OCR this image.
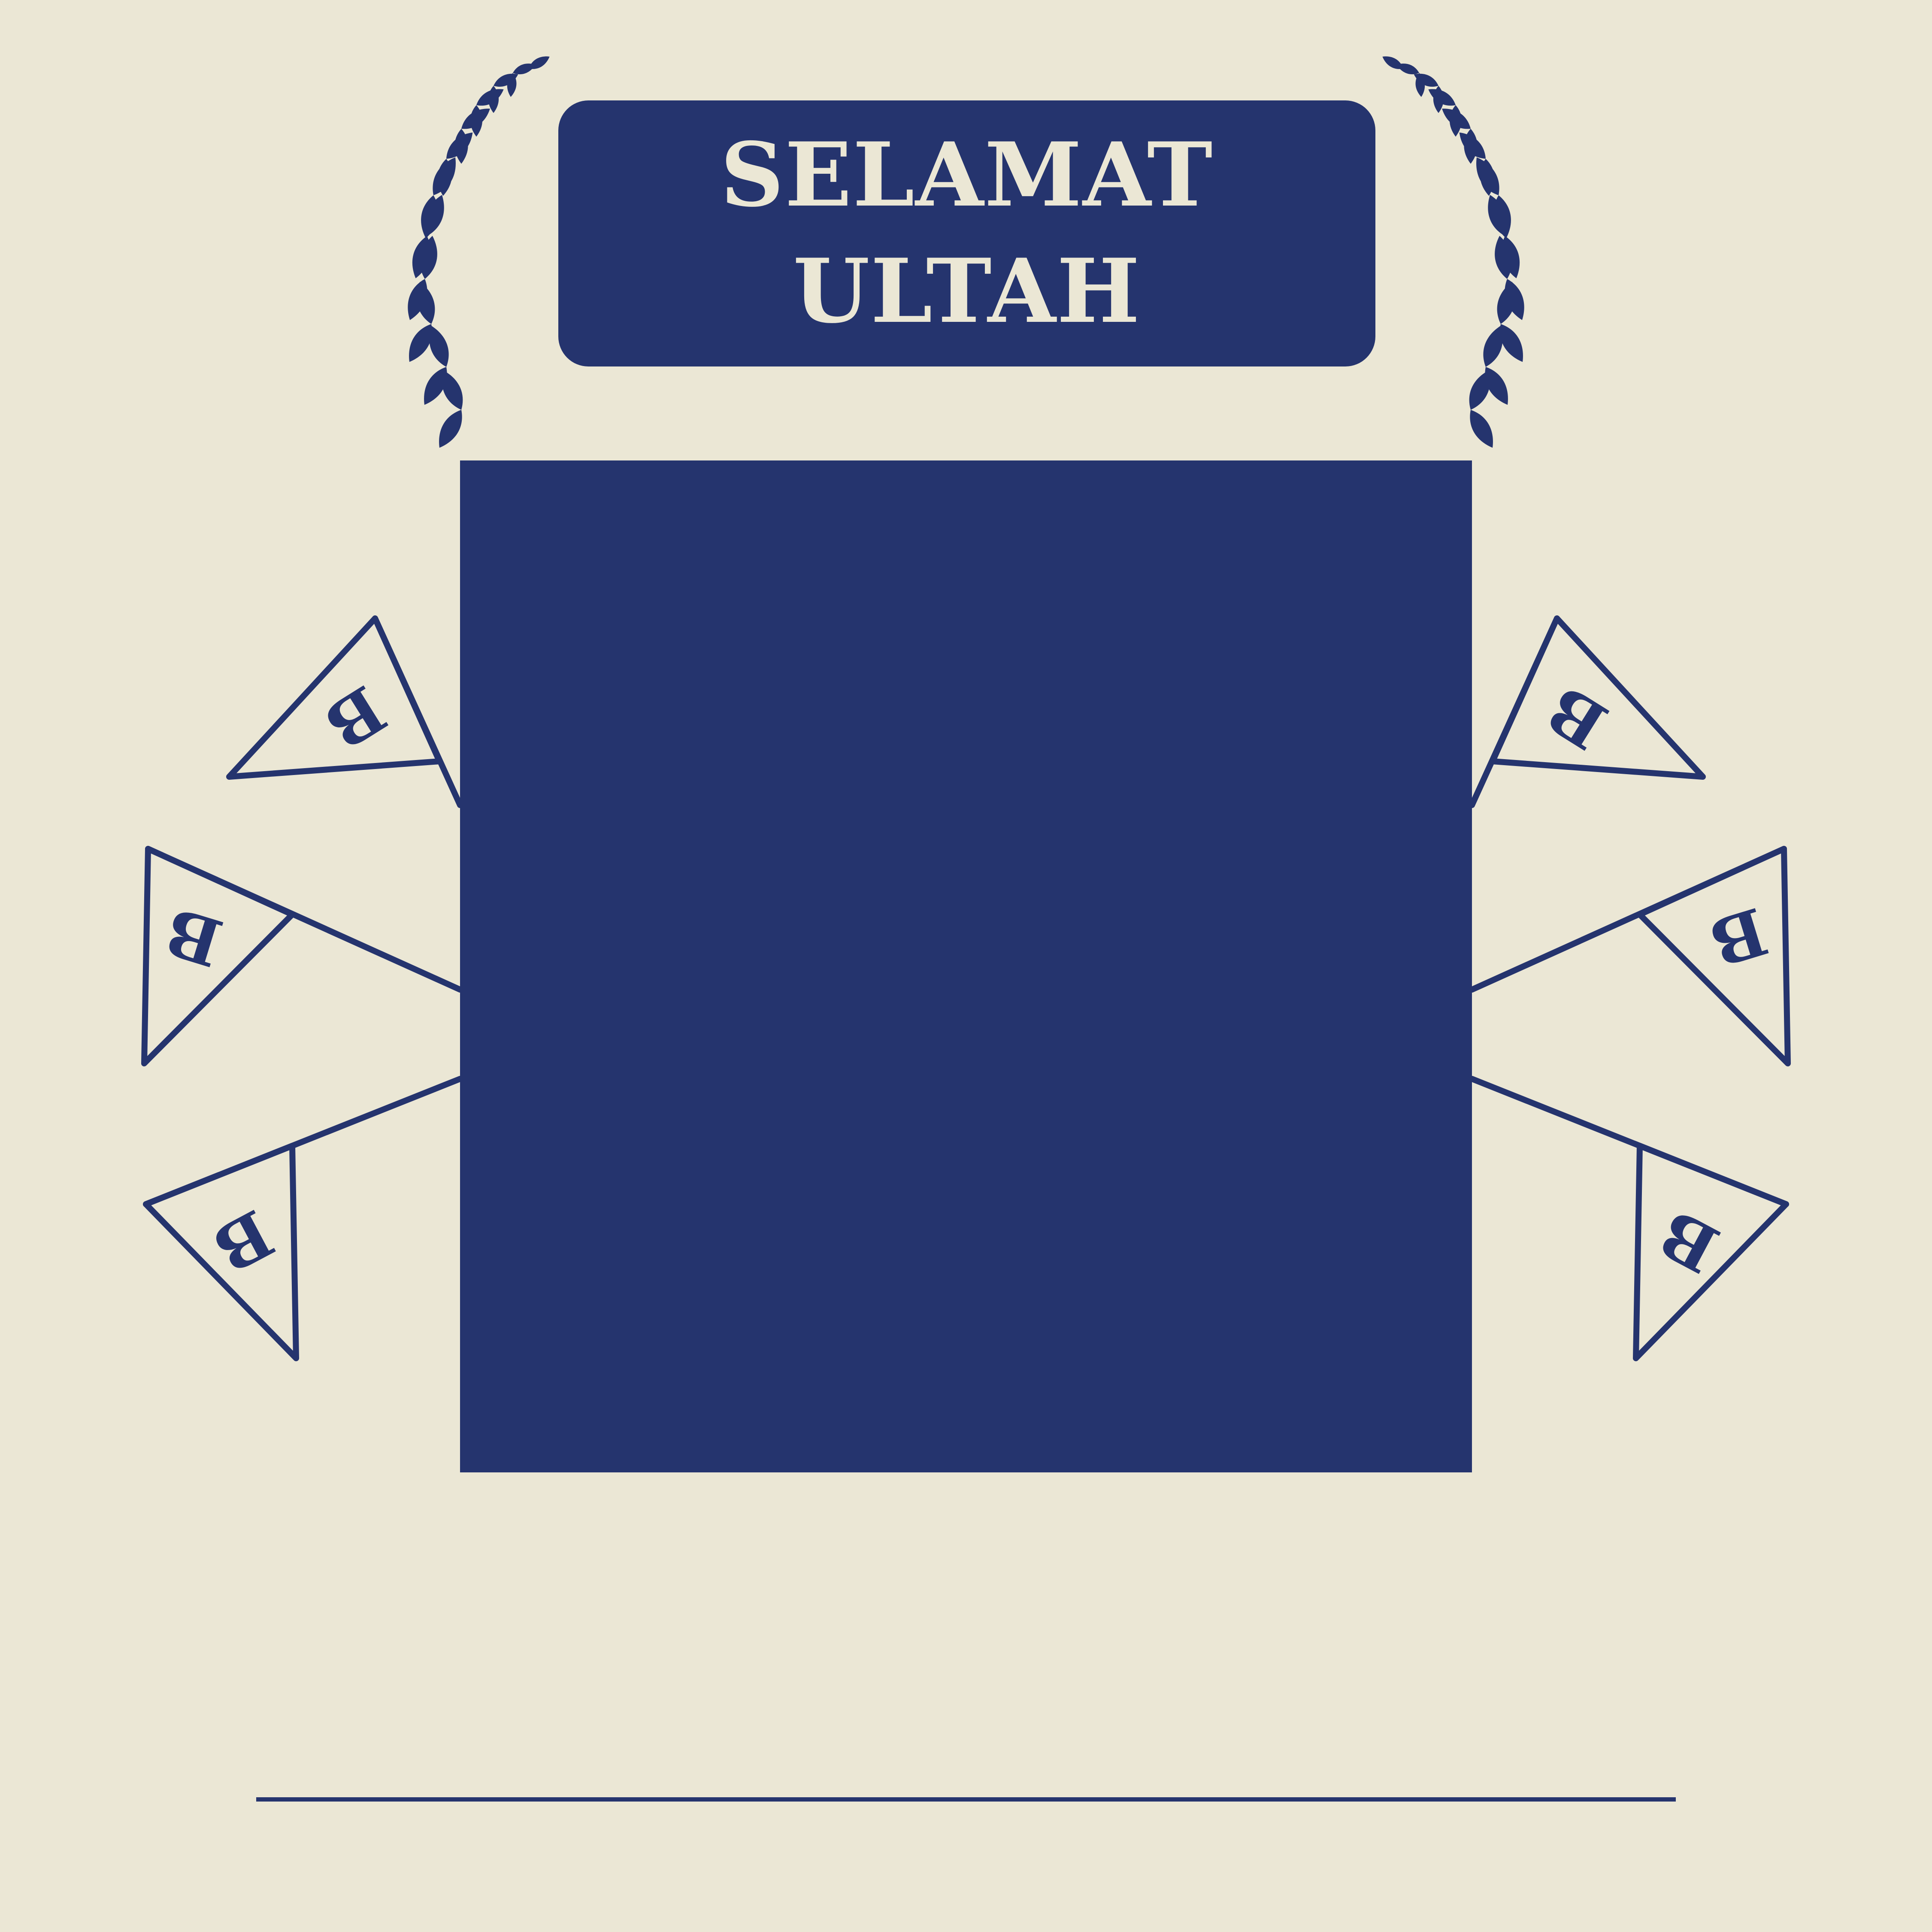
B
B
B
B
B
B
SELAMAT
ULTAH
